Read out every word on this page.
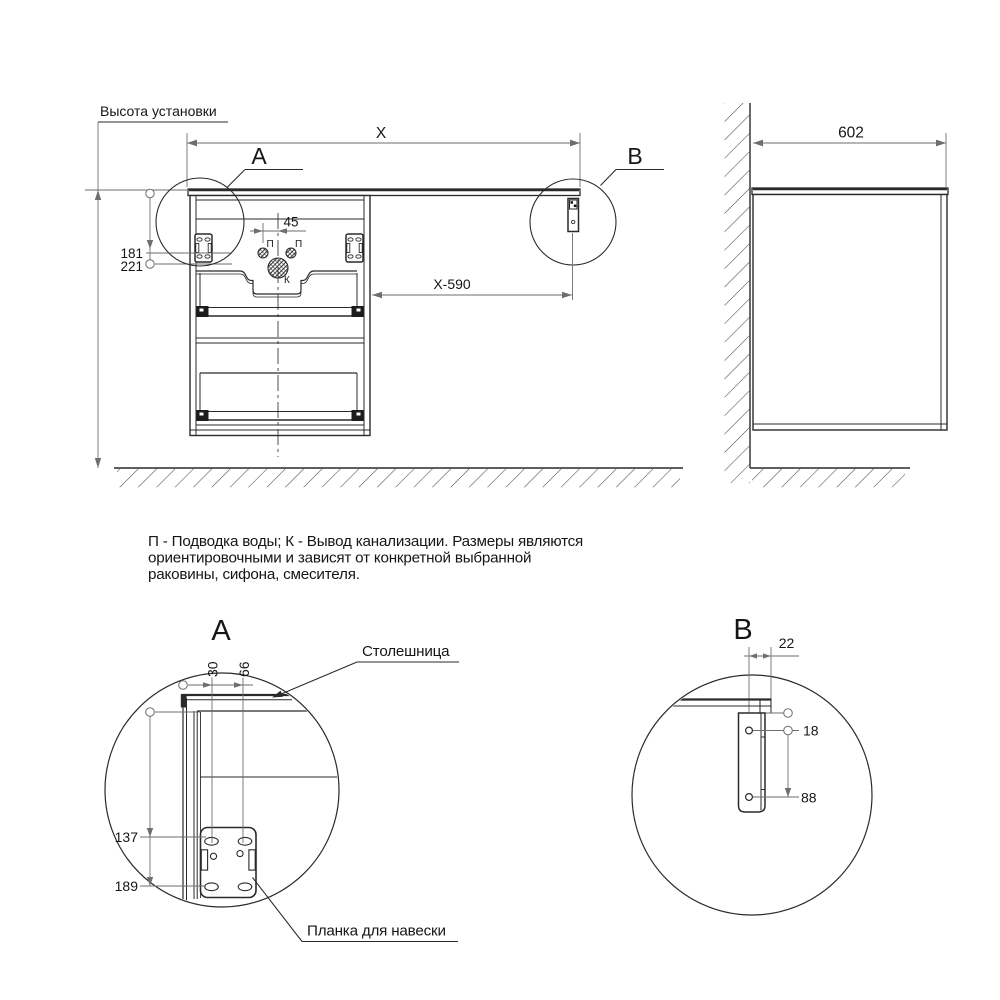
Высота установки
П П
К
45
181
221
X
A	B
X-590
602
П - Подводка воды; К - Вывод канализации. Размеры являются
ориентировочными и зависят от конкретной выбранной
раковины, сифона, смесителя.
A
30 66
137
189
Столешница
Планка для навески
B 22
18
88
